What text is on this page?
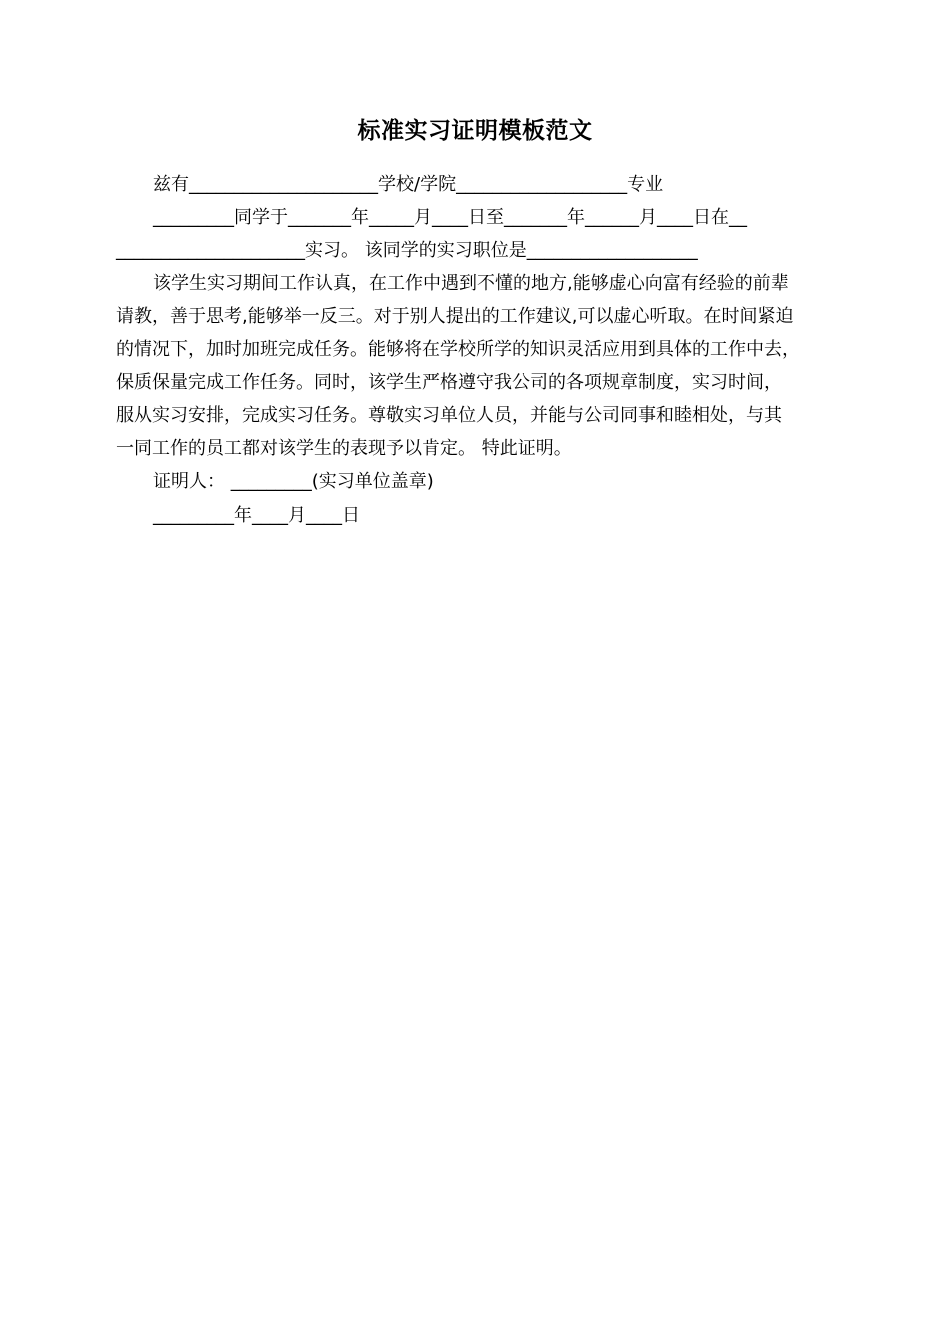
标准实习证明模板范文
兹有_____________________学校/学院___________________专业
_________同学于_______年_____月____日至_______年______月____日在__
_____________________实习。 该同学的实习职位是___________________
该学生实习期间工作认真，在工作中遇到不懂的地方,能够虚心向富有经验的前辈
请教，善于思考,能够举一反三。对于别人提出的工作建议,可以虚心听取。在时间紧迫
的情况下，加时加班完成任务。能够将在学校所学的知识灵活应用到具体的工作中去，
保质保量完成工作任务。同时，该学生严格遵守我公司的各项规章制度，实习时间，
服从实习安排，完成实习任务。尊敬实习单位人员，并能与公司同事和睦相处，与其
一同工作的员工都对该学生的表现予以肯定。 特此证明。
证明人： _________(实习单位盖章)
_________年____月____日
